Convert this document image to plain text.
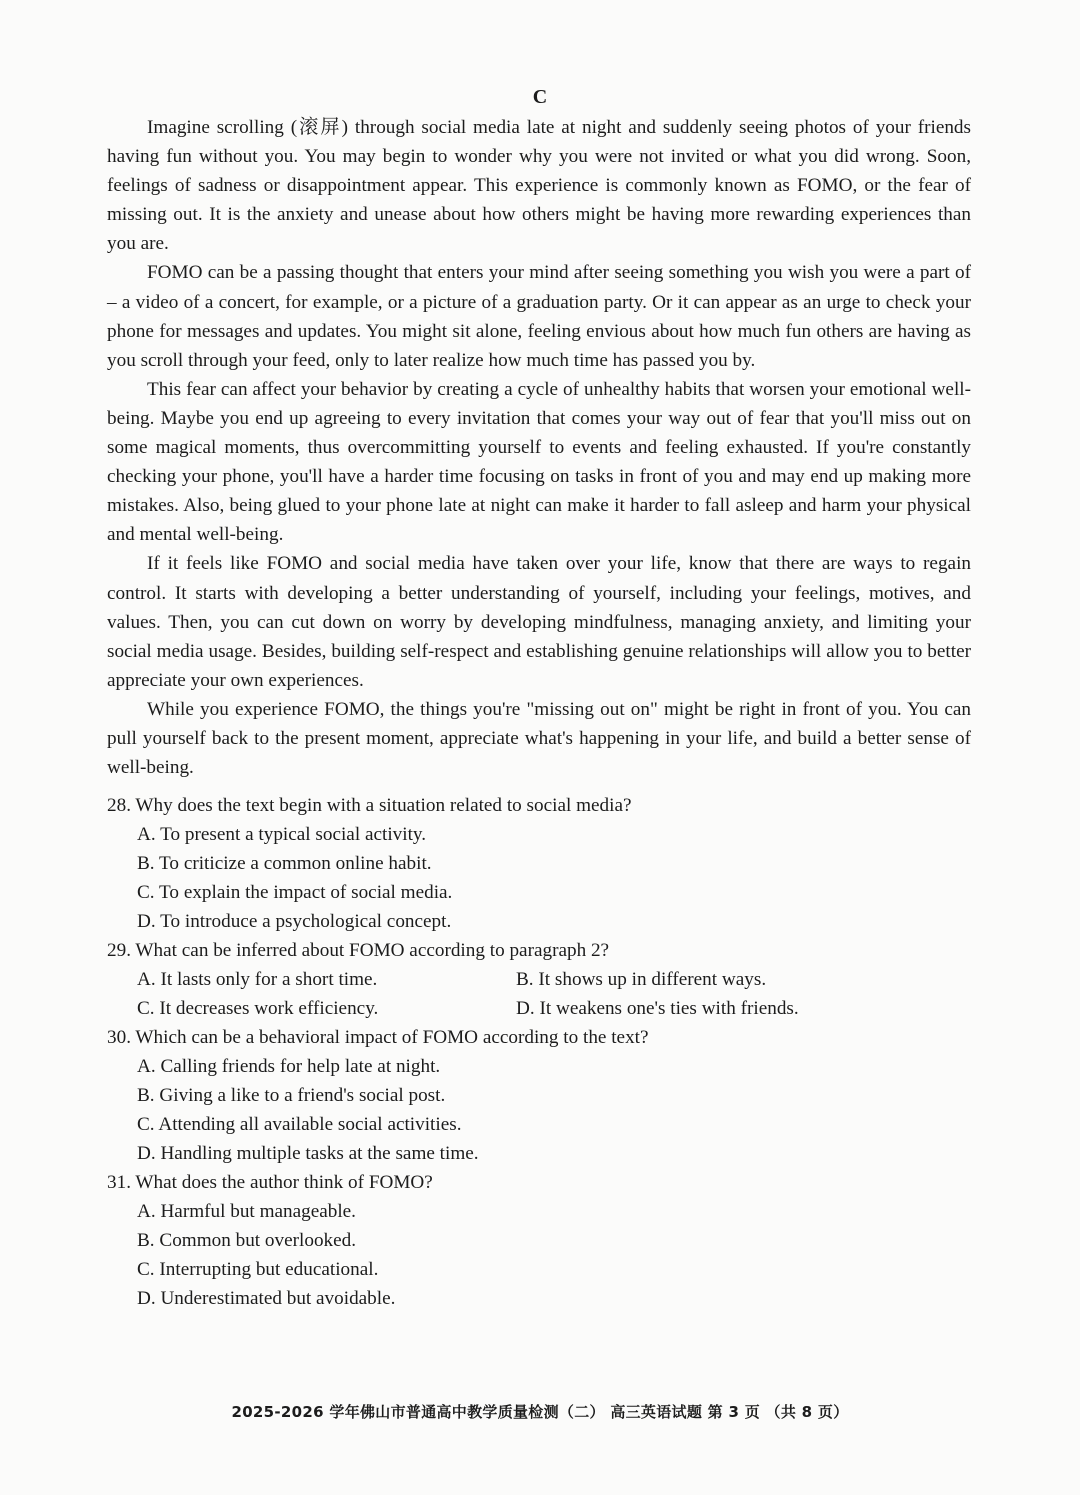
C

Imagine scrolling (滚屏) through social media late at night and suddenly seeing photos of your friends having fun without you. You may begin to wonder why you were not invited or what you did wrong. Soon, feelings of sadness or disappointment appear. This experience is commonly known as FOMO, or the fear of missing out. It is the anxiety and unease about how others might be having more rewarding experiences than you are.

FOMO can be a passing thought that enters your mind after seeing something you wish you were a part of – a video of a concert, for example, or a picture of a graduation party. Or it can appear as an urge to check your phone for messages and updates. You might sit alone, feeling envious about how much fun others are having as you scroll through your feed, only to later realize how much time has passed you by.

This fear can affect your behavior by creating a cycle of unhealthy habits that worsen your emotional well-being. Maybe you end up agreeing to every invitation that comes your way out of fear that you'll miss out on some magical moments, thus overcommitting yourself to events and feeling exhausted. If you're constantly checking your phone, you'll have a harder time focusing on tasks in front of you and may end up making more mistakes. Also, being glued to your phone late at night can make it harder to fall asleep and harm your physical and mental well-being.

If it feels like FOMO and social media have taken over your life, know that there are ways to regain control. It starts with developing a better understanding of yourself, including your feelings, motives, and values. Then, you can cut down on worry by developing mindfulness, managing anxiety, and limiting your social media usage. Besides, building self-respect and establishing genuine relationships will allow you to better appreciate your own experiences.

While you experience FOMO, the things you're "missing out on" might be right in front of you. You can pull yourself back to the present moment, appreciate what's happening in your life, and build a better sense of well-being.

28. Why does the text begin with a situation related to social media?

A. To present a typical social activity.

B. To criticize a common online habit.

C. To explain the impact of social media.

D. To introduce a psychological concept.

29. What can be inferred about FOMO according to paragraph 2?

A. It lasts only for a short time.	B. It shows up in different ways.

C. It decreases work efficiency.	D. It weakens one's ties with friends.

30. Which can be a behavioral impact of FOMO according to the text?

A. Calling friends for help late at night.

B. Giving a like to a friend's social post.

C. Attending all available social activities.

D. Handling multiple tasks at the same time.

31. What does the author think of FOMO?

A. Harmful but manageable.

B. Common but overlooked.

C. Interrupting but educational.

D. Underestimated but avoidable.

2025-2026 学年佛山市普通高中教学质量检测（二） 高三英语试题 第 3 页 （共 8 页）
